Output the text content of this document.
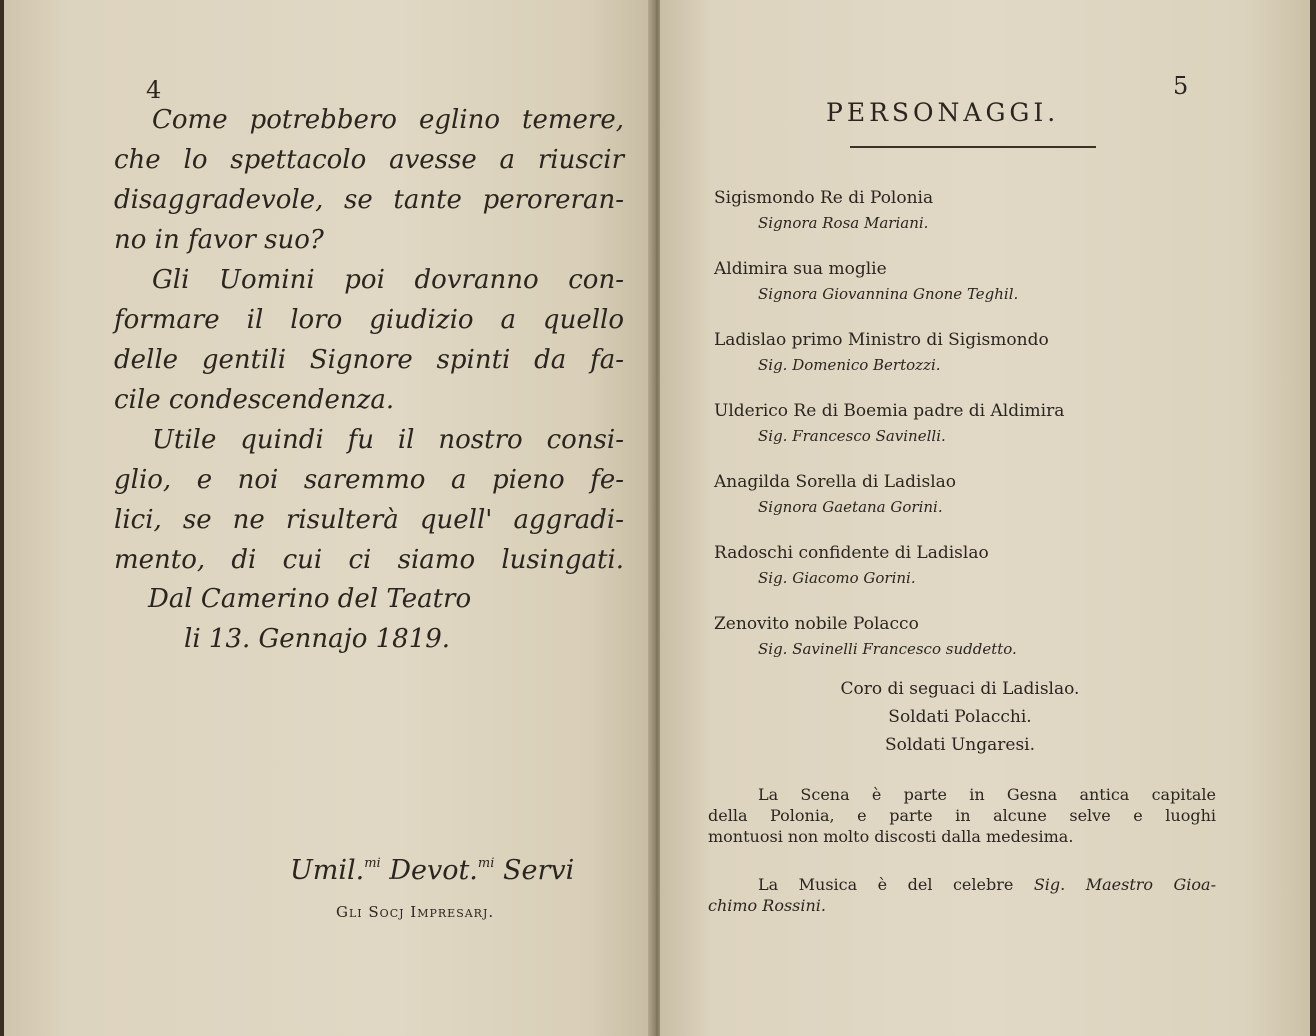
4
Come potrebbero eglino temere,
che lo spettacolo avesse a riuscir
disaggradevole, se tante peroreran-
no in favor suo?
Gli Uomini poi dovranno con-
formare il loro giudizio a quello
delle gentili Signore spinti da fa-
cile condescendenza.
Utile quindi fu il nostro consi-
glio, e noi saremmo a pieno fe-
lici, se ne risulterà quell' aggradi-
mento, di cui ci siamo lusingati.
Dal Camerino del Teatro
li 13. Gennajo 1819.
Umil.$^{mi}$ Devot.$^{mi}$ Servi
Gli Socj Impresarj.
5
PERSONAGGI.
Sigismondo Re di Polonia
Signora Rosa Mariani.
Aldimira sua moglie
Signora Giovannina Gnone Teghil.
Ladislao primo Ministro di Sigismondo
Sig. Domenico Bertozzi.
Ulderico Re di Boemia padre di Aldimira
Sig. Francesco Savinelli.
Anagilda Sorella di Ladislao
Signora Gaetana Gorini.
Radoschi confidente di Ladislao
Sig. Giacomo Gorini.
Zenovito nobile Polacco
Sig. Savinelli Francesco suddetto.
Coro di seguaci di Ladislao.
Soldati Polacchi.
Soldati Ungaresi.
La Scena è parte in Gesna antica capitale
della Polonia, e parte in alcune selve e luoghi
montuosi non molto discosti dalla medesima.
La Musica è del celebre Sig. Maestro Gioa-
chimo Rossini.
